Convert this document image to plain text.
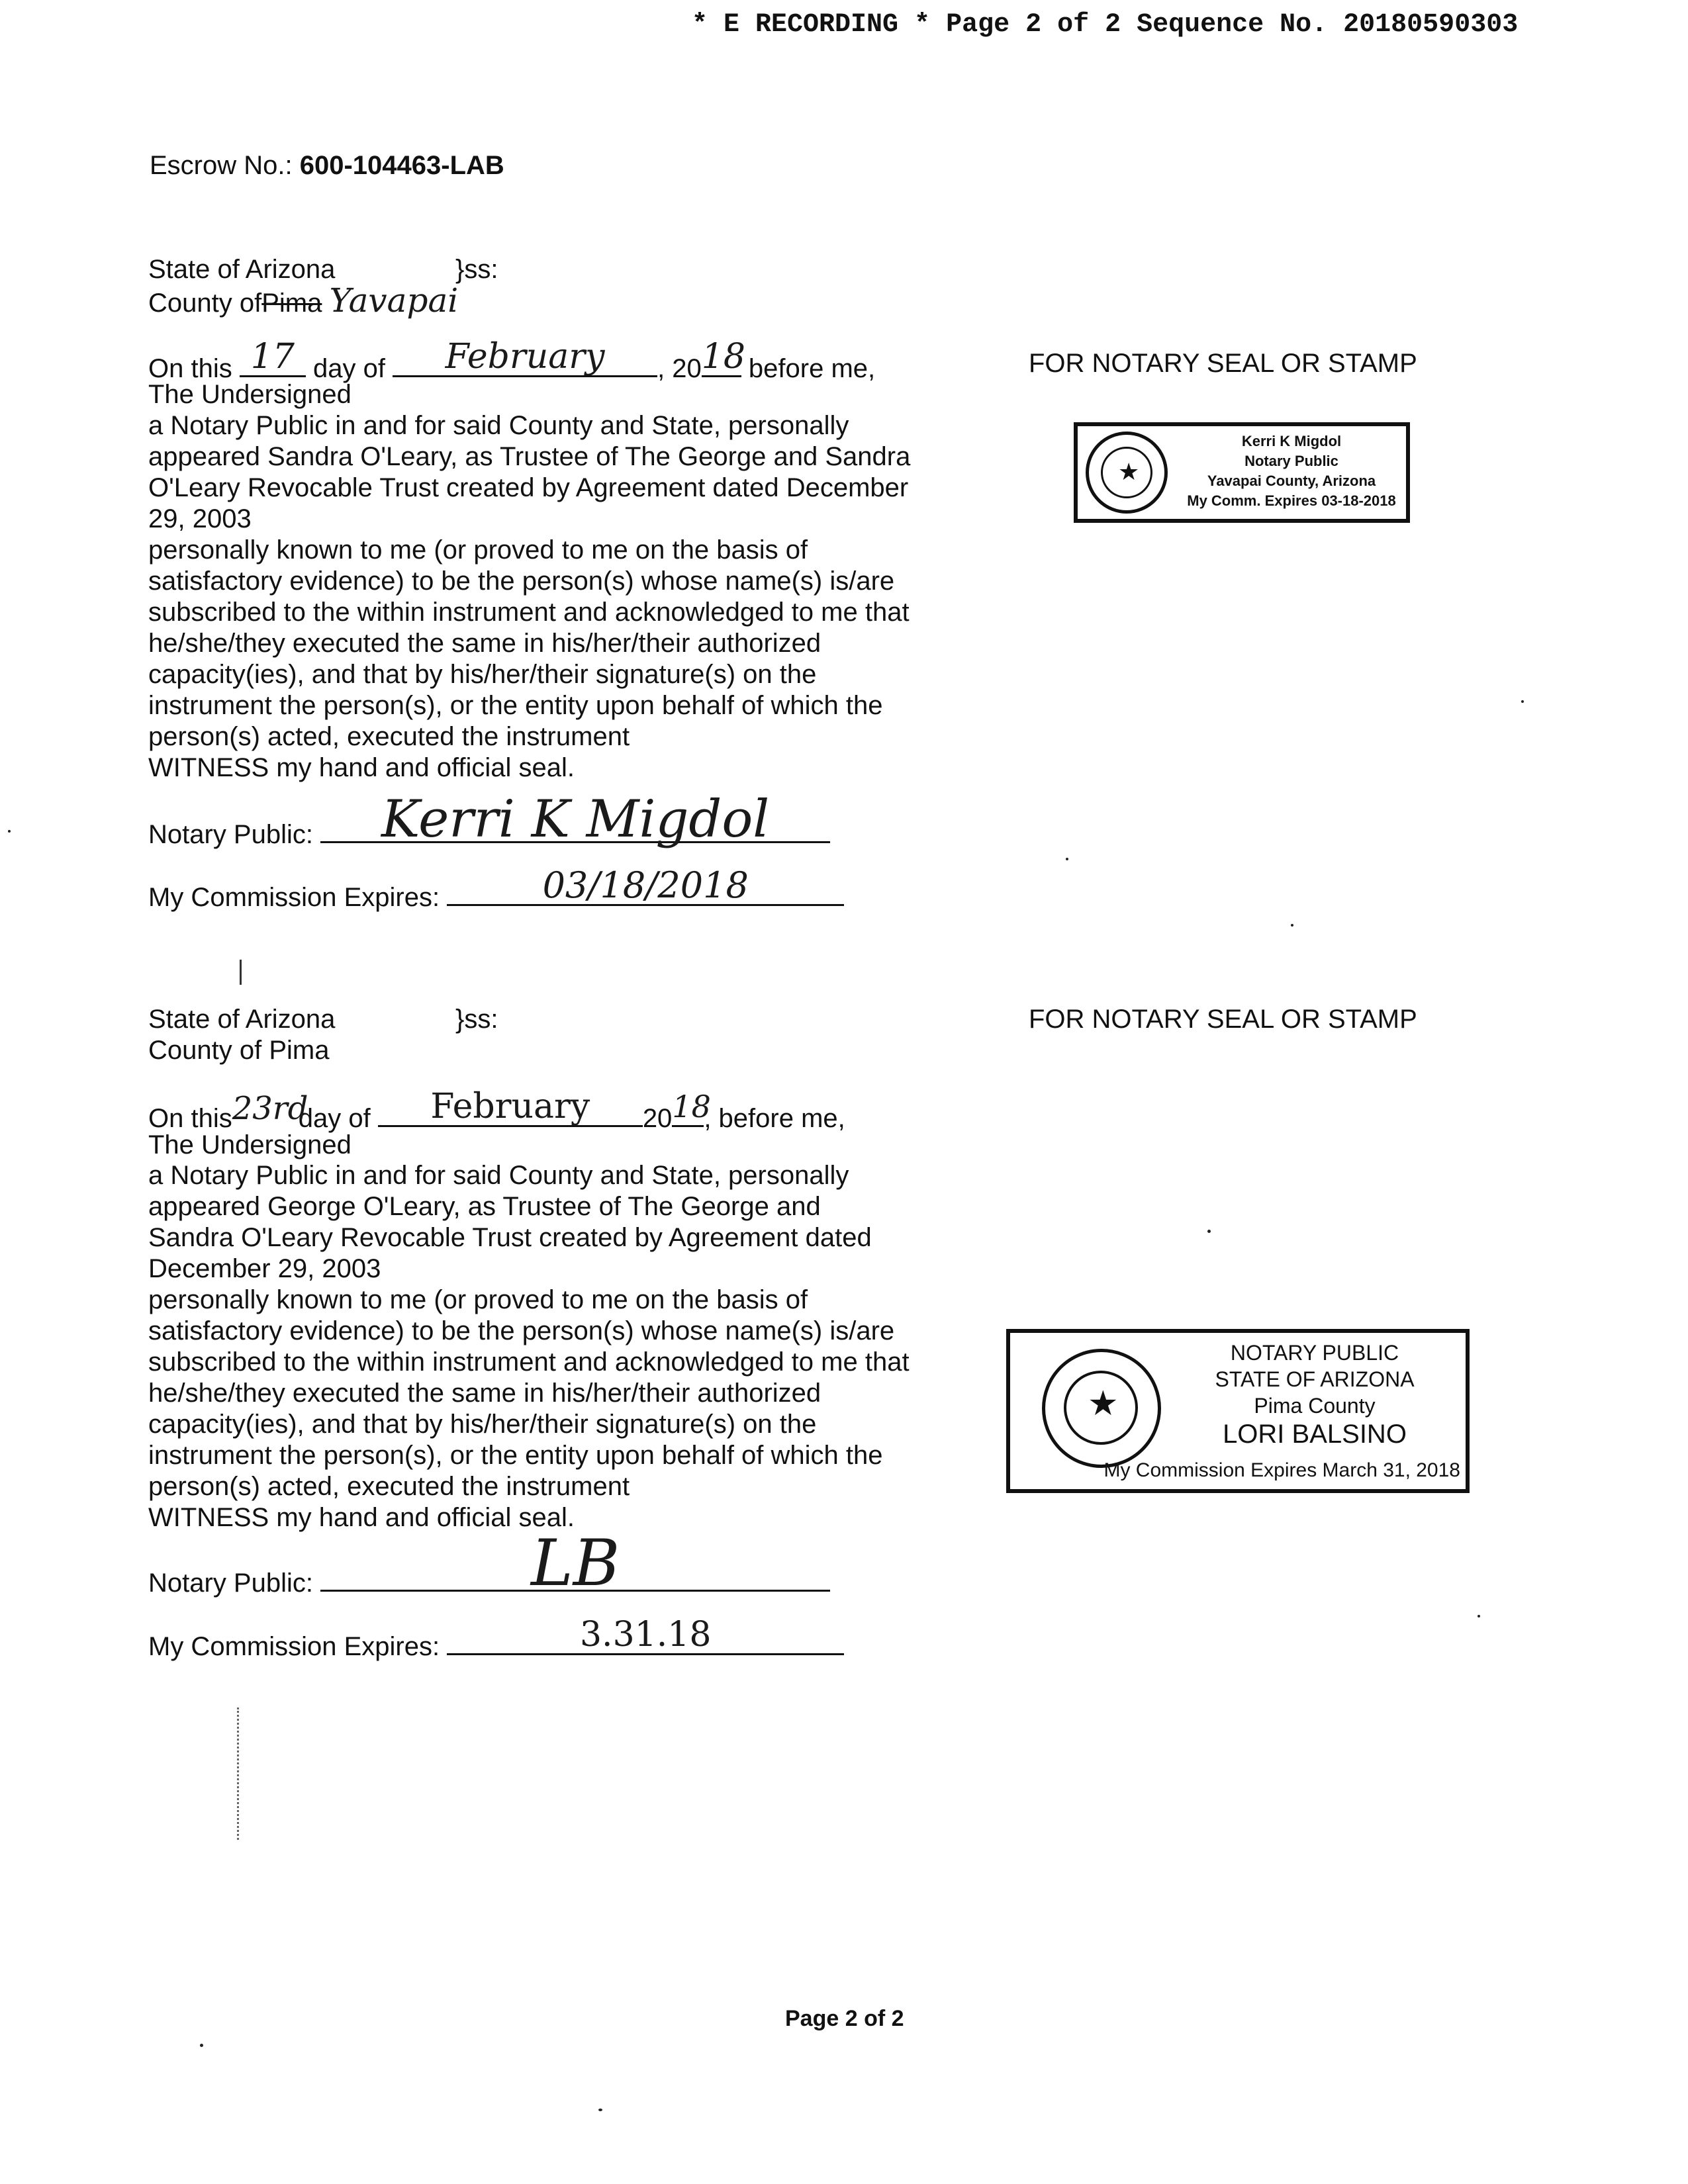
* E RECORDING * Page 2 of 2 Sequence No. 20180590303
Escrow No.: 600-104463-LAB
State of Arizona	}ss:
County ofPima Yavapai
On this 17 day of	February	, 20 18 before me,
The Undersigned
a Notary Public in and for said County and State, personally
appeared Sandra O'Leary, as Trustee of The George and Sandra
O'Leary Revocable Trust created by Agreement dated December
29, 2003
personally known to me (or proved to me on the basis of
satisfactory evidence) to be the person(s) whose name(s) is/are
subscribed to the within instrument and acknowledged to me that
he/she/they executed the same in his/her/their authorized
capacity(ies), and that by his/her/their signature(s) on the
instrument the person(s), or the entity upon behalf of which the
person(s) acted, executed the instrument
WITNESS my hand and official seal.
Notary Public:	Kerri K Migdol
My Commission Expires:	03/18/2018
FOR NOTARY SEAL OR STAMP
★
Kerri K Migdol
Notary Public
Yavapai County, Arizona
My Comm. Expires 03-18-2018
State of Arizona	}ss:
County of Pima
On this 23rd
day of	February	20 18
, before me,
The Undersigned
a Notary Public in and for said County and State, personally
appeared George O'Leary, as Trustee of The George and
Sandra O'Leary Revocable Trust created by Agreement dated
December 29, 2003
personally known to me (or proved to me on the basis of
satisfactory evidence) to be the person(s) whose name(s) is/are
subscribed to the within instrument and acknowledged to me that
he/she/they executed the same in his/her/their authorized
capacity(ies), and that by his/her/their signature(s) on the
instrument the person(s), or the entity upon behalf of which the
person(s) acted, executed the instrument
WITNESS my hand and official seal.
Notary Public:	LB
My Commission Expires:	3.31.18
FOR NOTARY SEAL OR STAMP
★
NOTARY PUBLIC
STATE OF ARIZONA
Pima County
LORI BALSINO
My Commission Expires March 31, 2018
Page 2 of 2
